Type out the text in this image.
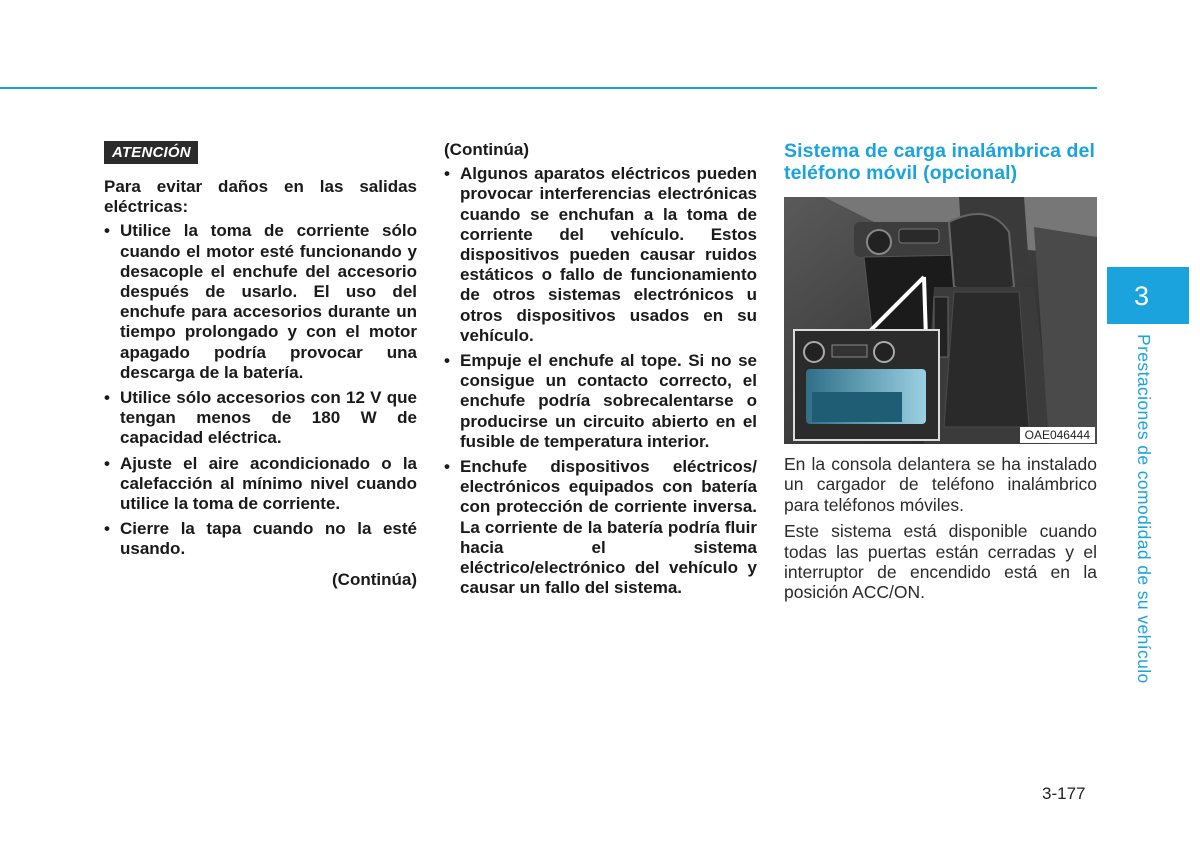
ATENCIÓN

Para evitar daños en las salidas eléctricas:

• Utilice la toma de corriente sólo cuando el motor esté funcionando y desacople el enchufe del accesorio después de usarlo. El uso del enchufe para accesorios durante un tiempo prolongado y con el motor apagado podría provocar una descarga de la batería.
• Utilice sólo accesorios con 12 V que tengan menos de 180 W de capacidad eléctrica.
• Ajuste el aire acondicionado o la calefacción al mínimo nivel cuando utilice la toma de corriente.
• Cierre la tapa cuando no la esté usando.
(Continúa)
(Continúa)
• Algunos aparatos eléctricos pueden provocar interferencias electrónicas cuando se enchufan a la toma de corriente del vehículo. Estos dispositivos pueden causar ruidos estáticos o fallo de funcionamiento de otros sistemas electrónicos u otros dispositivos usados en su vehículo.
• Empuje el enchufe al tope. Si no se consigue un contacto correcto, el enchufe podría sobrecalentarse o producirse un circuito abierto en el fusible de temperatura interior.
• Enchufe dispositivos eléctricos/ electrónicos equipados con batería con protección de corriente inversa. La corriente de la batería podría fluir hacia el sistema eléctrico/electrónico del vehículo y causar un fallo del sistema.
Sistema de carga inalámbrica del teléfono móvil (opcional)
OAE046444

En la consola delantera se ha instalado un cargador de teléfono inalámbrico para teléfonos móviles.

Este sistema está disponible cuando todas las puertas están cerradas y el interruptor de encendido está en la posición ACC/ON.

3
Prestaciones de comodidad de su vehículo
3-177
